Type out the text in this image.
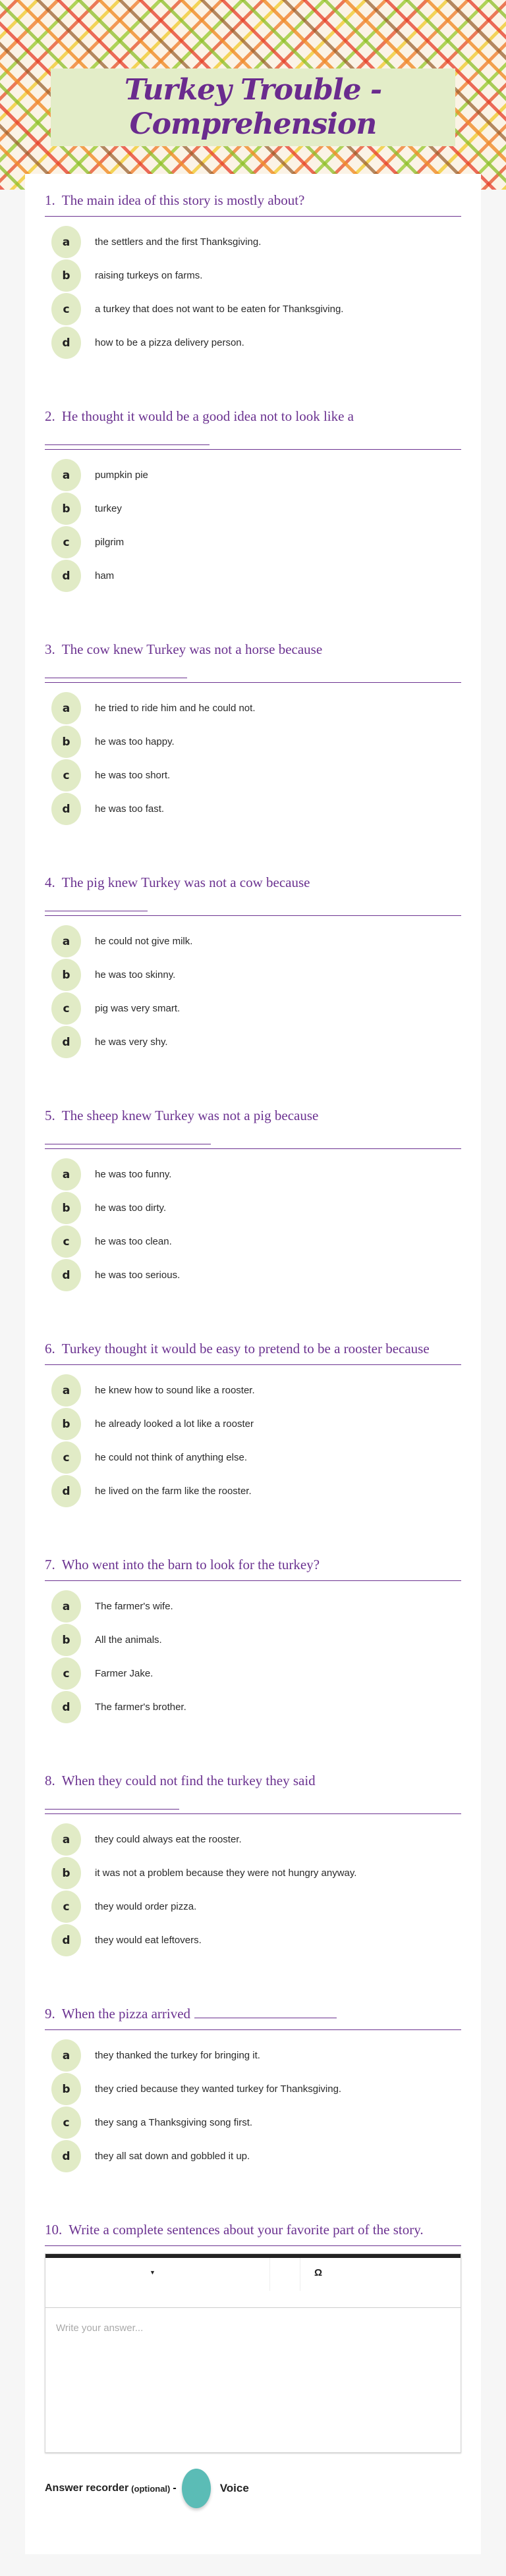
Turkey Trouble - Comprehension
1. The main idea of this story is mostly about?
a	the settlers and the first Thanksgiving.
b	raising turkeys on farms.
c	a turkey that does not want to be eaten for Thanksgiving.
d	how to be a pizza delivery person.
2. He thought it would be a good idea not to look like a
a	pumpkin pie
b	turkey
c	pilgrim
d	ham
3. The cow knew Turkey was not a horse because
a	he tried to ride him and he could not.
b	he was too happy.
c	he was too short.
d	he was too fast.
4. The pig knew Turkey was not a cow because
a	he could not give milk.
b	he was too skinny.
c	pig was very smart.
d	he was very shy.
5. The sheep knew Turkey was not a pig because
a	he was too funny.
b	he was too dirty.
c	he was too clean.
d	he was too serious.
6. Turkey thought it would be easy to pretend to be a rooster because
a	he knew how to sound like a rooster.
b	he already looked a lot like a rooster
c	he could not think of anything else.
d	he lived on the farm like the rooster.
7. Who went into the barn to look for the turkey?
a	The farmer's wife.
b	All the animals.
c	Farmer Jake.
d	The farmer's brother.
8. When they could not find the turkey they said
a	they could always eat the rooster.
b	it was not a problem because they were not hungry anyway.
c	they would order pizza.
d	they would eat leftovers.
9. When the pizza arrived
a	they thanked the turkey for bringing it.
b	they cried because they wanted turkey for Thanksgiving.
c	they sang a Thanksgiving song first.
d	they all sat down and gobbled it up.
10. Write a complete sentences about your favorite part of the story.
▼	Ω
Write your answer...
Answer recorder (optional) -	Voice
